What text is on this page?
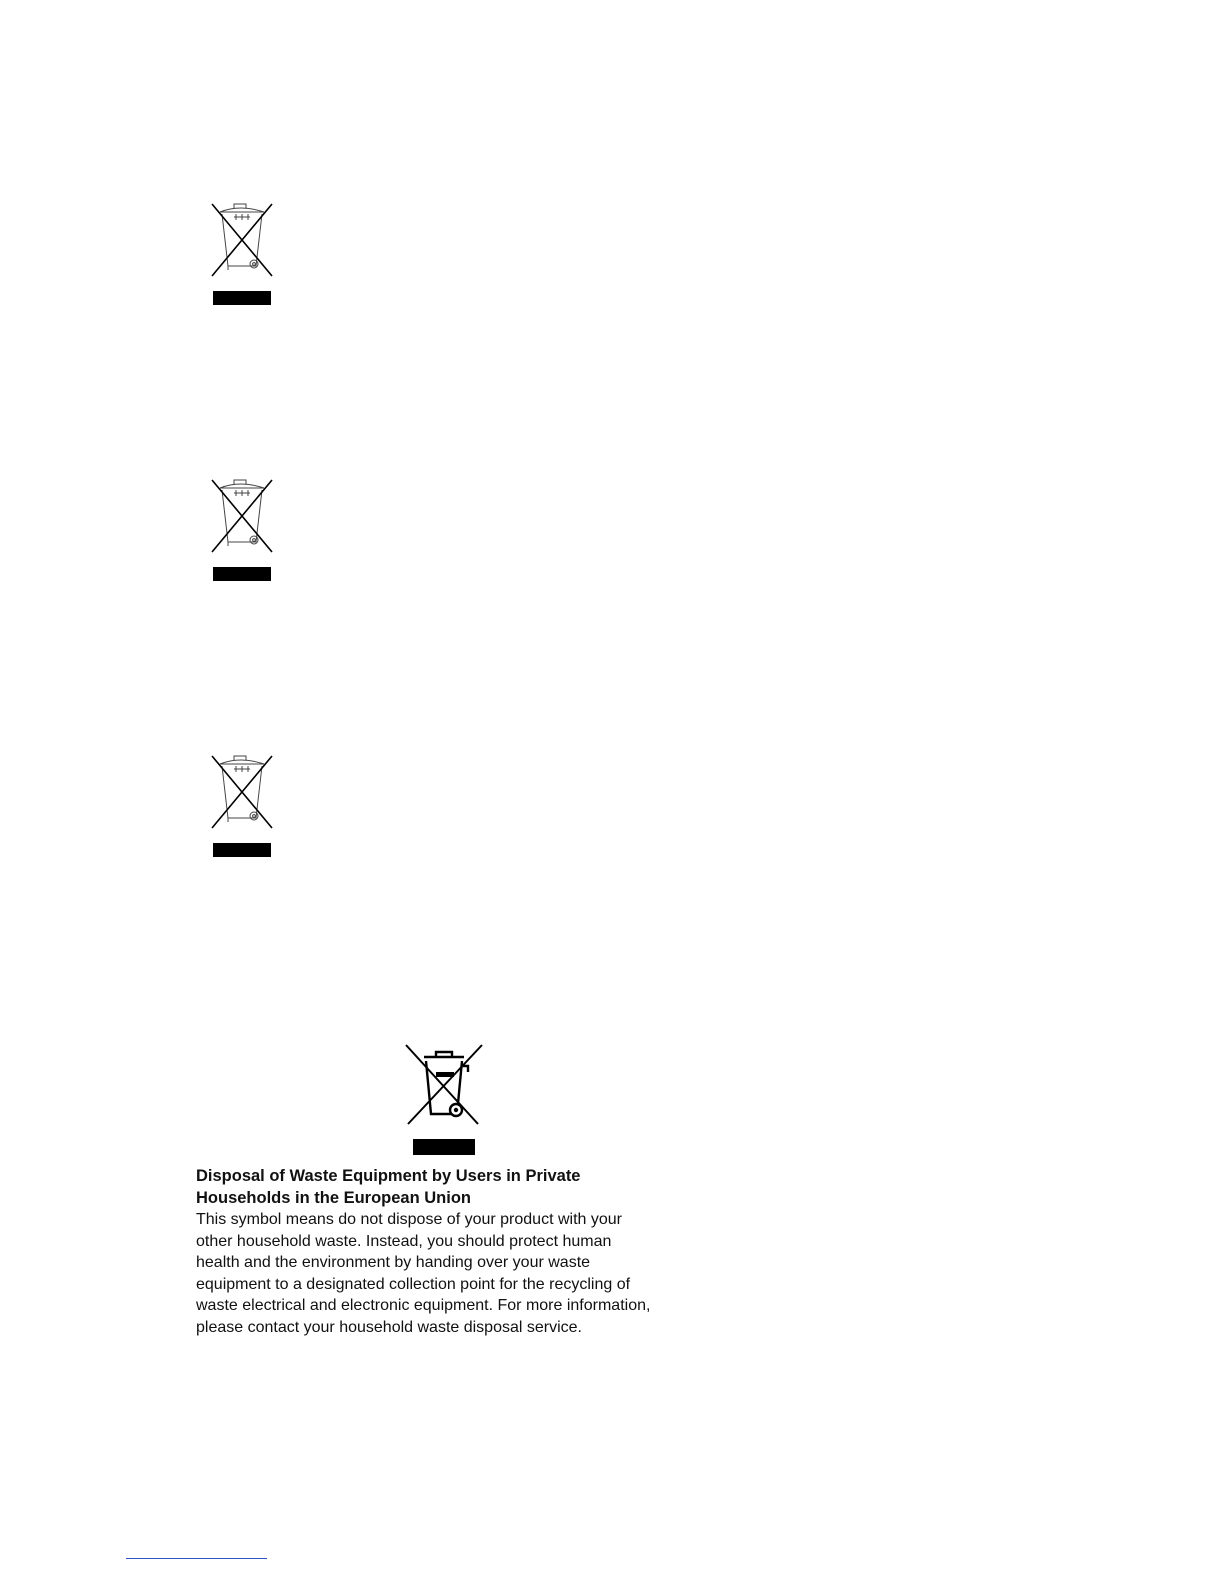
Disposal of Waste Equipment by Users in Private Households in the European Union
This symbol means do not dispose of your product with your
other household waste. Instead, you should protect human
health and the environment by handing over your waste
equipment to a designated collection point for the recycling of
waste electrical and electronic equipment. For more information,
please contact your household waste disposal service.
